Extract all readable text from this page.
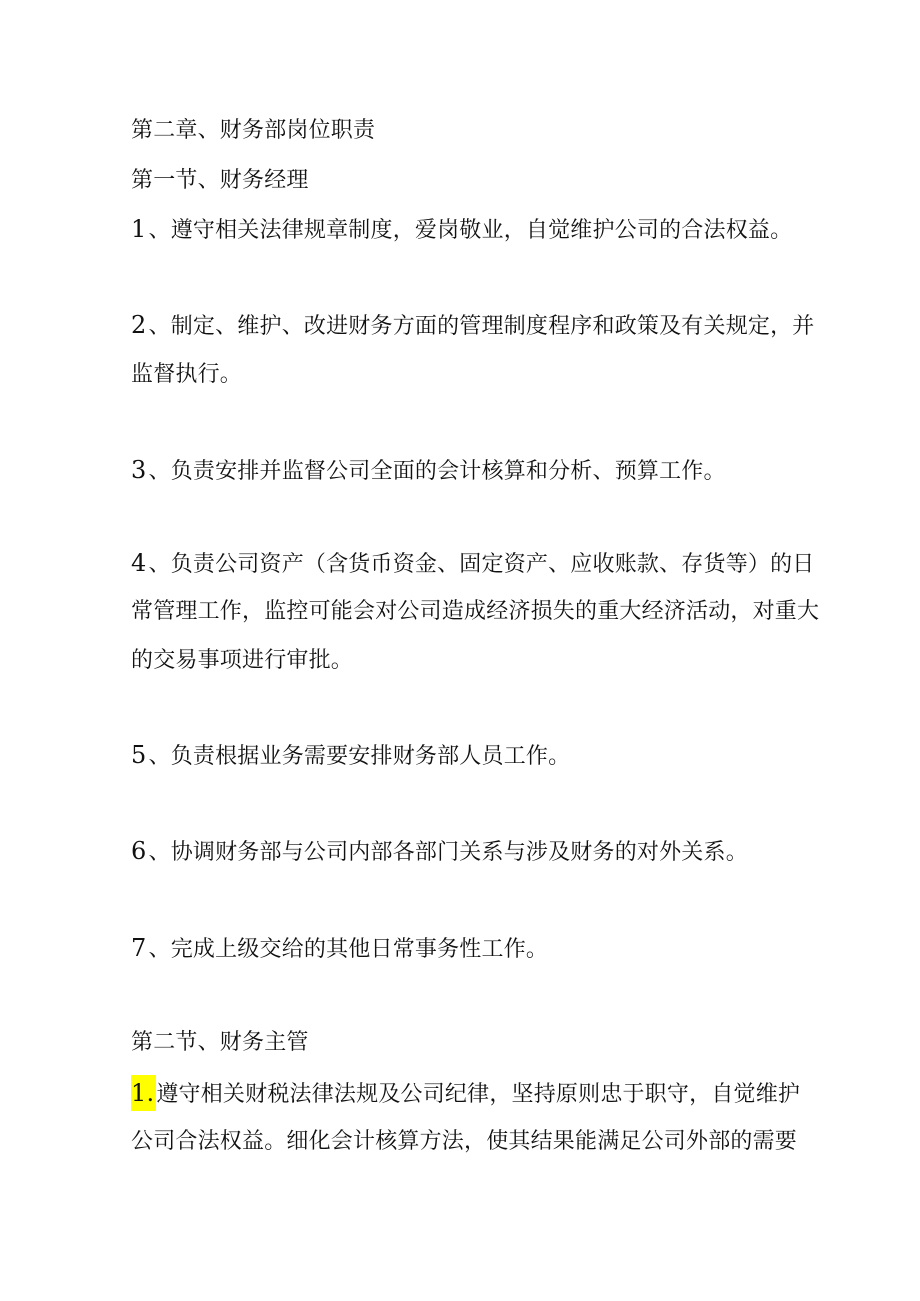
第二章、财务部岗位职责
第一节、财务经理
1、遵守相关法律规章制度，爱岗敬业，自觉维护公司的合法权益。
2、制定、维护、改进财务方面的管理制度程序和政策及有关规定，并
监督执行。
3、负责安排并监督公司全面的会计核算和分析、预算工作。
4、负责公司资产（含货币资金、固定资产、应收账款、存货等）的日
常管理工作，监控可能会对公司造成经济损失的重大经济活动，对重大
的交易事项进行审批。
5、负责根据业务需要安排财务部人员工作。
6、协调财务部与公司内部各部门关系与涉及财务的对外关系。
7、完成上级交给的其他日常事务性工作。
第二节、财务主管
1.遵守相关财税法律法规及公司纪律，坚持原则忠于职守，自觉维护
公司合法权益。细化会计核算方法，使其结果能满足公司外部的需要
